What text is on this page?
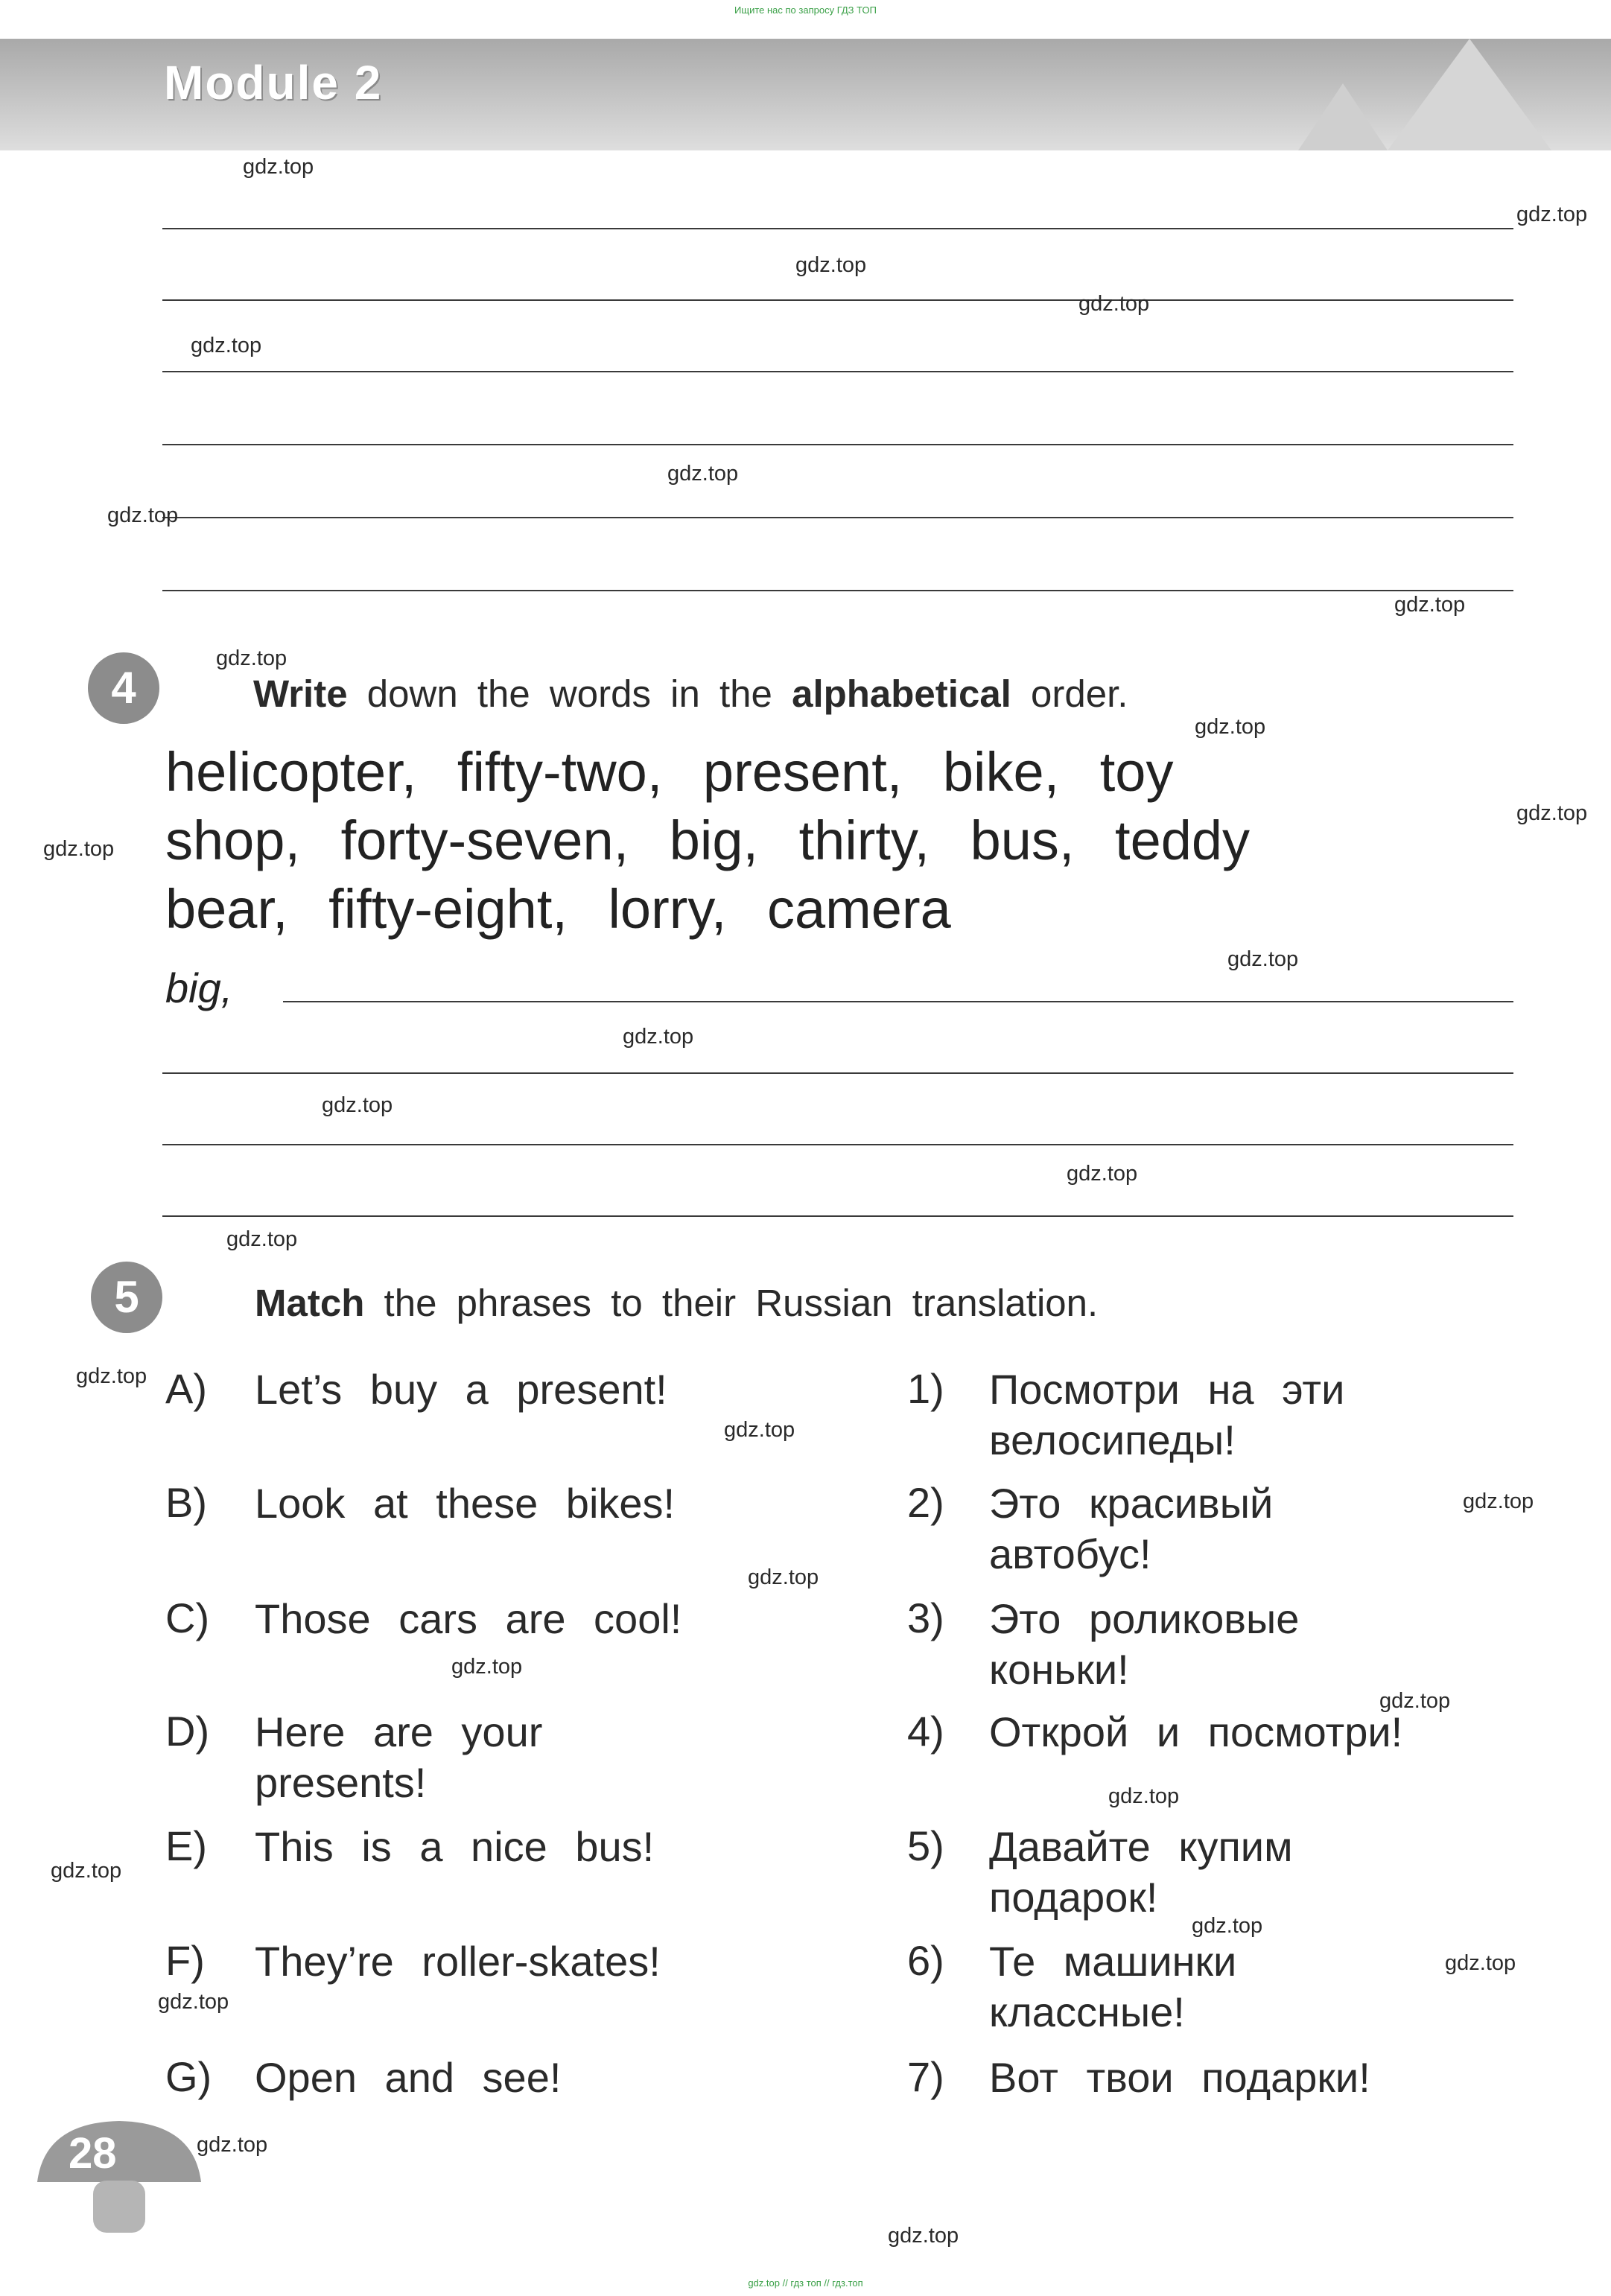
Ищите нас по запросу ГДЗ ТОП
Module 2
4	Write down the words in the alphabetical order.
helicopter, fifty-two, present, bike, toy
shop, forty-seven, big, thirty, bus, teddy
bear, fifty-eight, lorry, camera
big,
5	Match the phrases to their Russian translation.
A) Let’s buy a present!
B) Look at these bikes!
C) Those cars are cool!
D) Here are your presents!
E) This is a nice bus!
F) They’re roller-skates!
G) Open and see!
1) Посмотри на эти велосипеды!
2) Это красивый автобус!
3) Это роликовые коньки!
4) Открой и посмотри!
5) Давайте купим подарок!
6) Те машинки классные!
7) Вот твои подарки!
28
gdz.top
gdz.top
gdz.top
gdz.top
gdz.top
gdz.top
gdz.top
gdz.top
gdz.top
gdz.top
gdz.top
gdz.top
gdz.top
gdz.top
gdz.top
gdz.top
gdz.top
gdz.top
gdz.top
gdz.top
gdz.top
gdz.top
gdz.top
gdz.top
gdz.top
gdz.top
gdz.top
gdz.top
gdz.top
gdz.top
gdz.top // гдз топ // гдз.топ
